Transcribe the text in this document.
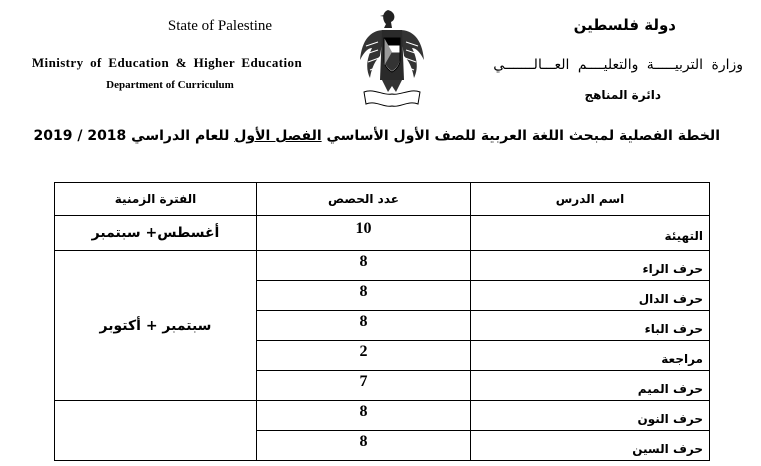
State of Palestine
Ministry of Education & Higher Education
Department of Curriculum
دولة فلسطين
وزارة التربيـــــة والتعليــــم العـــالـــــــي
دائرة المناهج
الخطة الفصلية لمبحث اللغة العربية للصف الأول الأساسي الفصل الأول للعام الدراسي 2018 / 2019
اسم الدرس	عدد الحصص	الفترة الزمنية
التهيئة	10	أغسطس+ سبتمبر
حرف الراء	8	سبتمبر + أكتوبر
حرف الدال	8	
حرف الباء	8	
مراجعة	2	
حرف الميم	7	
حرف النون	8	
حرف السين	8	
